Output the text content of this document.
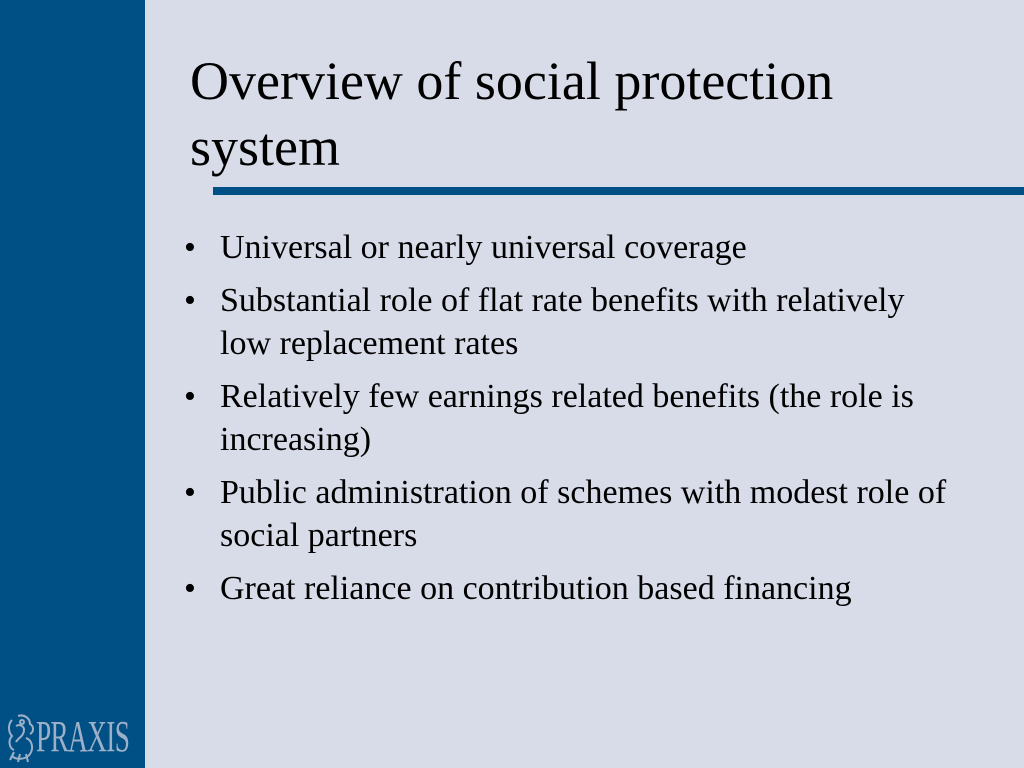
PRAXIS
Overview of social protection system
• Universal or nearly universal coverage
• Substantial role of flat rate benefits with relatively low replacement rates
• Relatively few earnings related benefits (the role is increasing)
• Public administration of schemes with modest role of social partners
• Great reliance on contribution based financing
